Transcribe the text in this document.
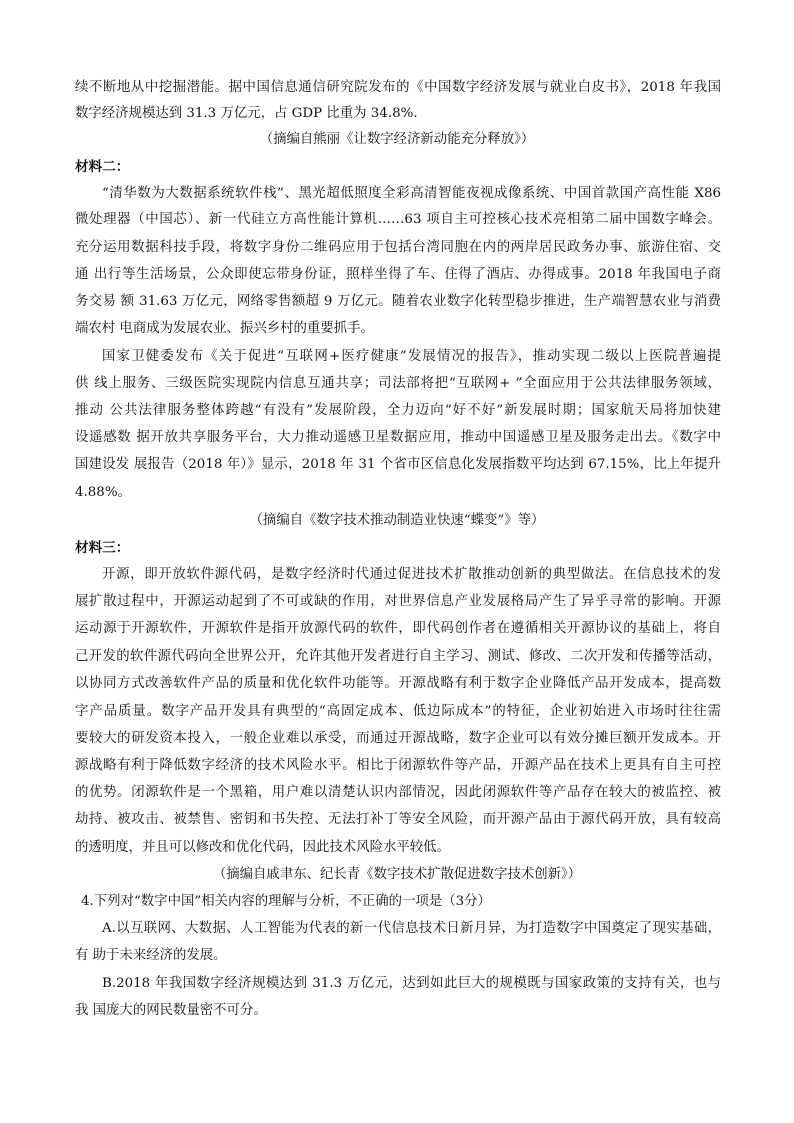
续不断地从中挖掘潜能。据中国信息通信研究院发布的《中国数字经济发展与就业白皮书》，2018 年我国
数字经济规模达到 31.3 万亿元，占 GDP 比重为 34.8%．
（摘编自熊丽《让数字经济新动能充分释放》）
材料二：
“清华数为大数据系统软件栈”、黑光超低照度全彩高清智能夜视成像系统、中国首款国产高性能 X86
微处理器（中国芯）、新一代硅立方高性能计算机……63 项自主可控核心技术亮相第二届中国数字峰会。
充分运用数据科技手段，将数字身份二维码应用于包括台湾同胞在内的两岸居民政务办事、旅游住宿、交
通 出行等生活场景，公众即使忘带身份证，照样坐得了车、住得了酒店、办得成事。2018 年我国电子商
务交易 额 31.63 万亿元，网络零售额超 9 万亿元。随着农业数字化转型稳步推进，生产端智慧农业与消费
端农村 电商成为发展农业、振兴乡村的重要抓手。
国家卫健委发布《关于促进“互联网+医疗健康”发展情况的报告》，推动实现二级以上医院普遍提
供 线上服务、三级医院实现院内信息互通共享；司法部将把“互联网+ ”全面应用于公共法律服务领域，
推动 公共法律服务整体跨越“有没有”发展阶段，全力迈向“好不好”新发展时期；国家航天局将加快建
设遥感数 据开放共享服务平台，大力推动遥感卫星数据应用，推动中国遥感卫星及服务走出去。《数字中
国建设发 展报告（2018 年）》显示，2018 年 31 个省市区信息化发展指数平均达到 67.15%，比上年提升
4.88%。
（摘编自《数字技术推动制造业快速“蝶变”》等）
材料三：
开源，即开放软件源代码，是数字经济时代通过促进技术扩散推动创新的典型做法。在信息技术的发
展扩散过程中，开源运动起到了不可或缺的作用，对世界信息产业发展格局产生了异乎寻常的影响。开源
运动源于开源软件，开源软件是指开放源代码的软件，即代码创作者在遵循相关开源协议的基础上，将自
己开发的软件源代码向全世界公开，允许其他开发者进行自主学习、测试、修改、二次开发和传播等活动，
以协同方式改善软件产品的质量和优化软件功能等。开源战略有利于数字企业降低产品开发成本，提高数
字产品质量。数字产品开发具有典型的“高固定成本、低边际成本”的特征，企业初始进入市场时往往需
要较大的研发资本投入，一般企业难以承受，而通过开源战略，数字企业可以有效分摊巨额开发成本。开
源战略有利于降低数字经济的技术风险水平。相比于闭源软件等产品，开源产品在技术上更具有自主可控
的优势。闭源软件是一个黑箱，用户难以清楚认识内部情况，因此闭源软件等产品存在较大的被监控、被
劫持、被攻击、被禁售、密钥和书失控、无法打补丁等安全风险，而开源产品由于源代码开放，具有较高
的透明度，并且可以修改和优化代码，因此技术风险水平较低。
（摘编自戚聿东、纪长青《数字技术扩散促进数字技术创新》）
4.下列对“数字中国”相关内容的理解与分析，不正确的一项是（3分）
A.以互联网、大数据、人工智能为代表的新一代信息技术日新月异，为打造数字中国奠定了现实基础，
有 助于未来经济的发展。
B.2018 年我国数字经济规模达到 31.3 万亿元，达到如此巨大的规模既与国家政策的支持有关，也与
我 国庞大的网民数量密不可分。
